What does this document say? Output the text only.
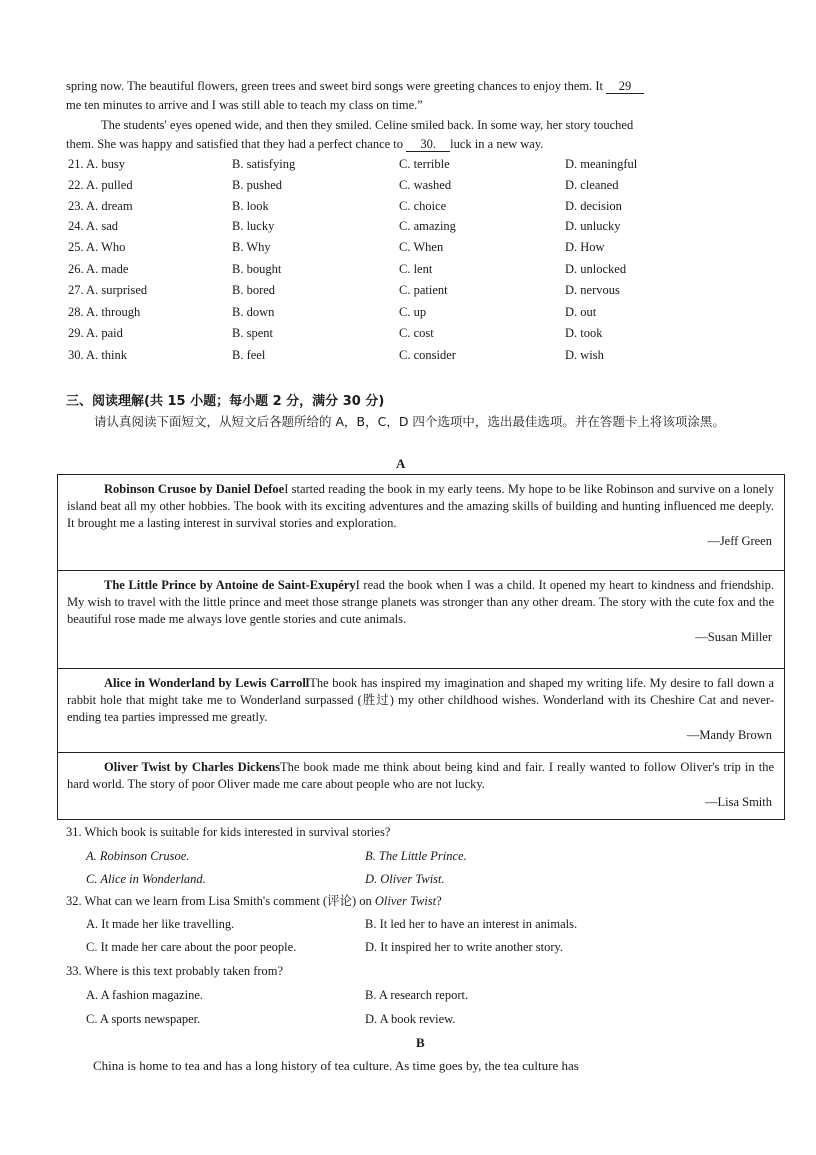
spring now. The beautiful flowers, green trees and sweet bird songs were greeting chances to enjoy them. It 29
me ten minutes to arrive and I was still able to teach my class on time.”
The students' eyes opened wide, and then they smiled. Celine smiled back. In some way, her story touched
them. She was happy and satisfied that they had a perfect chance to 30. luck in a new way.
21. A. busy	B. satisfying	C. terrible	D. meaningful
22. A. pulled	B. pushed	C. washed	D. cleaned
23. A. dream	B. look	C. choice	D. decision
24. A. sad	B. lucky	C. amazing	D. unlucky
25. A. Who	B. Why	C. When	D. How
26. A. made	B. bought	C. lent	D. unlocked
27. A. surprised	B. bored	C. patient	D. nervous
28. A. through	B. down	C. up	D. out
29. A. paid	B. spent	C. cost	D. took
30. A. think	B. feel	C. consider	D. wish
三、阅读理解(共 15 小题；每小题 2 分，满分 30 分)
请认真阅读下面短文，从短文后各题所给的 A，B，C，D 四个选项中，选出最佳选项。并在答题卡上将该项涂黑。
A

Robinson Crusoe by Daniel DefoeI started reading the book in my early teens. My hope to be like Robinson and survive on a lonely island beat all my other hobbies. The book with its exciting adventures and the amazing skills of building and hunting influenced me deeply. It brought me a lasting interest in survival stories and exploration.

—Jeff Green

The Little Prince by Antoine de Saint-ExupéryI read the book when I was a child. It opened my heart to kindness and friendship. My wish to travel with the little prince and meet those strange planets was stronger than any other dream. The story with the cute fox and the beautiful rose made me always love gentle stories and cute animals.

—Susan Miller

Alice in Wonderland by Lewis CarrollThe book has inspired my imagination and shaped my writing life. My desire to fall down a rabbit hole that might take me to Wonderland surpassed (胜过) my other childhood wishes. Wonderland with its Cheshire Cat and never-ending tea parties impressed me greatly.

—Mandy Brown

Oliver Twist by Charles DickensThe book made me think about being kind and fair. I really wanted to follow Oliver's trip in the hard world. The story of poor Oliver made me care about people who are not lucky.

—Lisa Smith
31. Which book is suitable for kids interested in survival stories?
A. Robinson Crusoe.	B. The Little Prince.
C. Alice in Wonderland.	D. Oliver Twist.
32. What can we learn from Lisa Smith's comment (评论) on Oliver Twist?
A. It made her like travelling.	B. It led her to have an interest in animals.
C. It made her care about the poor people.	D. It inspired her to write another story.
33. Where is this text probably taken from?
A. A fashion magazine.	B. A research report.
C. A sports newspaper.	D. A book review.
B
China is home to tea and has a long history of tea culture. As time goes by, the tea culture has
